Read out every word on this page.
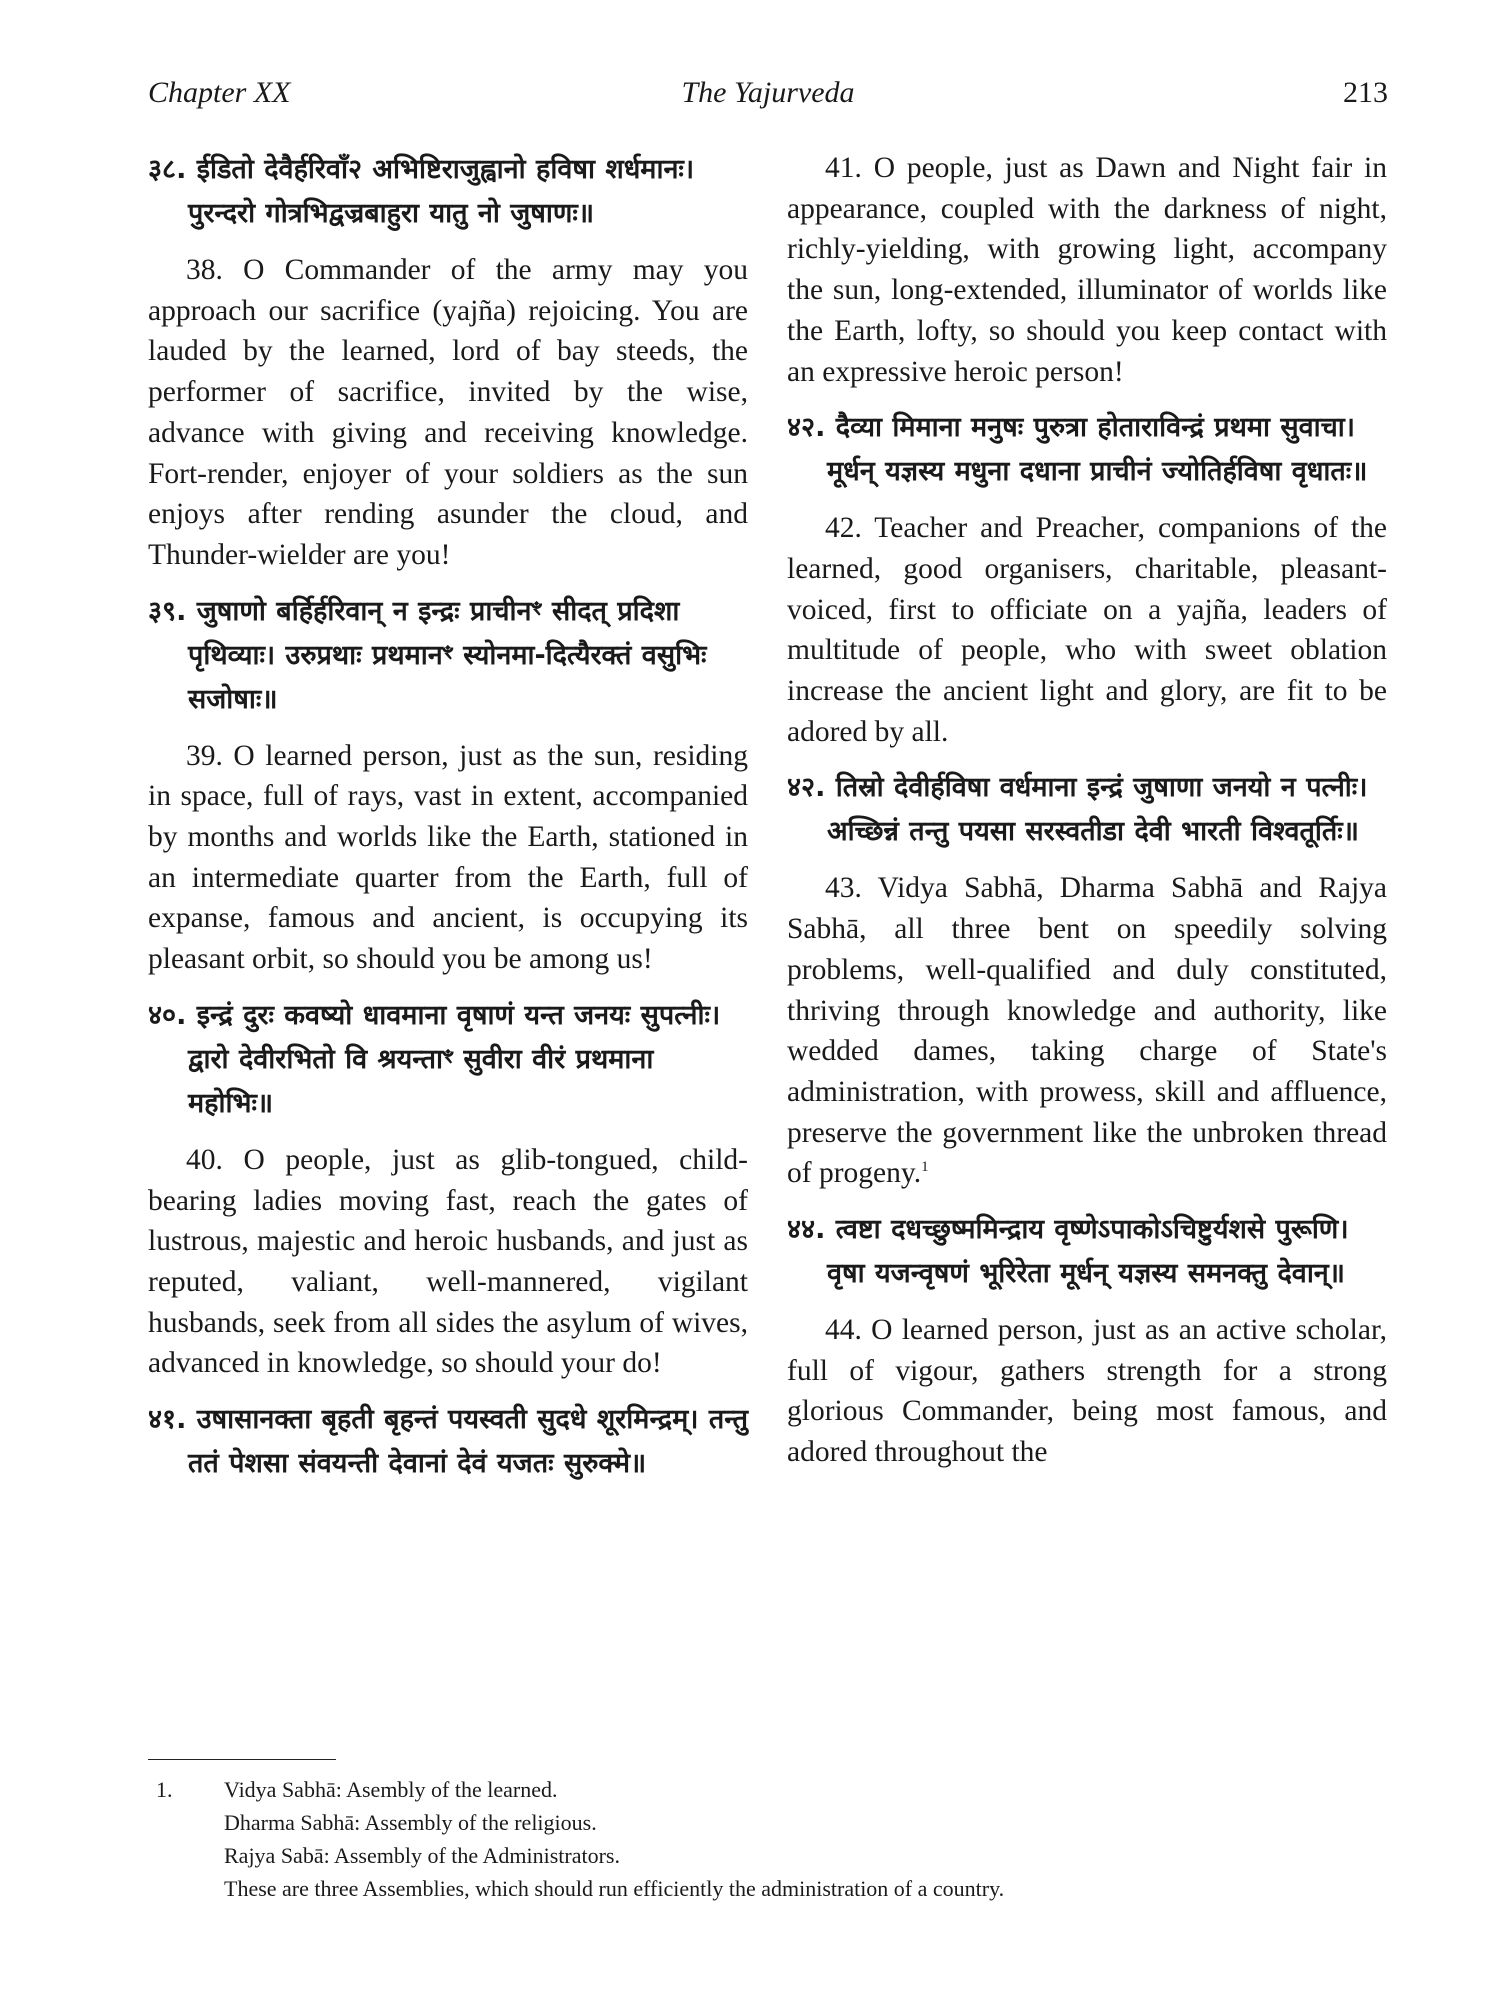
Chapter XX	The Yajurveda	213

३८. ईडितो देवैर्हरिवाँ२ अभिष्टिराजुह्वानो हविषा शर्धमानः। पुरन्दरो गोत्रभिद्वज्रबाहुरा यातु नो जुषाणः॥

38. O Commander of the army may you approach our sacrifice (yajña) rejoicing. You are lauded by the learned, lord of bay steeds, the performer of sacrifice, invited by the wise, advance with giving and receiving knowledge. Fort-render, enjoyer of your soldiers as the sun enjoys after rending asunder the cloud, and Thunder-wielder are you!

३९. जुषाणो बर्हिर्हरिवान् न इन्द्रः प्राचीनꣳ सीदत् प्रदिशा पृथिव्याः। उरुप्रथाः प्रथमानꣳ स्योनमा-दित्यैरक्तं वसुभिः सजोषाः॥

39. O learned person, just as the sun, residing in space, full of rays, vast in extent, accompanied by months and worlds like the Earth, stationed in an intermediate quarter from the Earth, full of expanse, famous and ancient, is occupying its pleasant orbit, so should you be among us!

४०. इन्द्रं दुरः कवष्यो धावमाना वृषाणं यन्त जनयः सुपत्नीः। द्वारो देवीरभितो वि श्रयन्ताꣳ सुवीरा वीरं प्रथमाना महोभिः॥

40. O people, just as glib-tongued, child-bearing ladies moving fast, reach the gates of lustrous, majestic and heroic husbands, and just as reputed, valiant, well-mannered, vigilant husbands, seek from all sides the asylum of wives, advanced in knowledge, so should your do!

४१. उषासानक्ता बृहती बृहन्तं पयस्वती सुदधे शूरमिन्द्रम्। तन्तु ततं पेशसा संवयन्ती देवानां देवं यजतः सुरुक्मे॥

41. O people, just as Dawn and Night fair in appearance, coupled with the darkness of night, richly-yielding, with growing light, accompany the sun, long-extended, illuminator of worlds like the Earth, lofty, so should you keep contact with an expressive heroic person!

४२. दैव्या मिमाना मनुषः पुरुत्रा होताराविन्द्रं प्रथमा सुवाचा। मूर्धन् यज्ञस्य मधुना दधाना प्राचीनं ज्योतिर्हविषा वृधातः॥

42. Teacher and Preacher, companions of the learned, good organisers, charitable, pleasant-voiced, first to officiate on a yajña, leaders of multitude of people, who with sweet oblation increase the ancient light and glory, are fit to be adored by all.

४२. तिस्रो देवीर्हविषा वर्धमाना इन्द्रं जुषाणा जनयो न पत्नीः। अच्छिन्नं तन्तु पयसा सरस्वतीडा देवी भारती विश्वतूर्तिः॥

43. Vidya Sabhā, Dharma Sabhā and Rajya Sabhā, all three bent on speedily solving problems, well-qualified and duly constituted, thriving through knowledge and authority, like wedded dames, taking charge of State's administration, with prowess, skill and affluence, preserve the government like the unbroken thread of progeny.$^1$

४४. त्वष्टा दधच्छुष्ममिन्द्राय वृष्णेऽपाकोऽचिष्टुर्यशसे पुरूणि। वृषा यजन्वृषणं भूरिरेता मूर्धन् यज्ञस्य समनक्तु देवान्॥

44. O learned person, just as an active scholar, full of vigour, gathers strength for a strong glorious Commander, being most famous, and adored throughout the

1. Vidya Sabhā: Asembly of the learned.
Dharma Sabhā: Assembly of the religious.
Rajya Sabā: Assembly of the Administrators.
These are three Assemblies, which should run efficiently the administration of a country.
